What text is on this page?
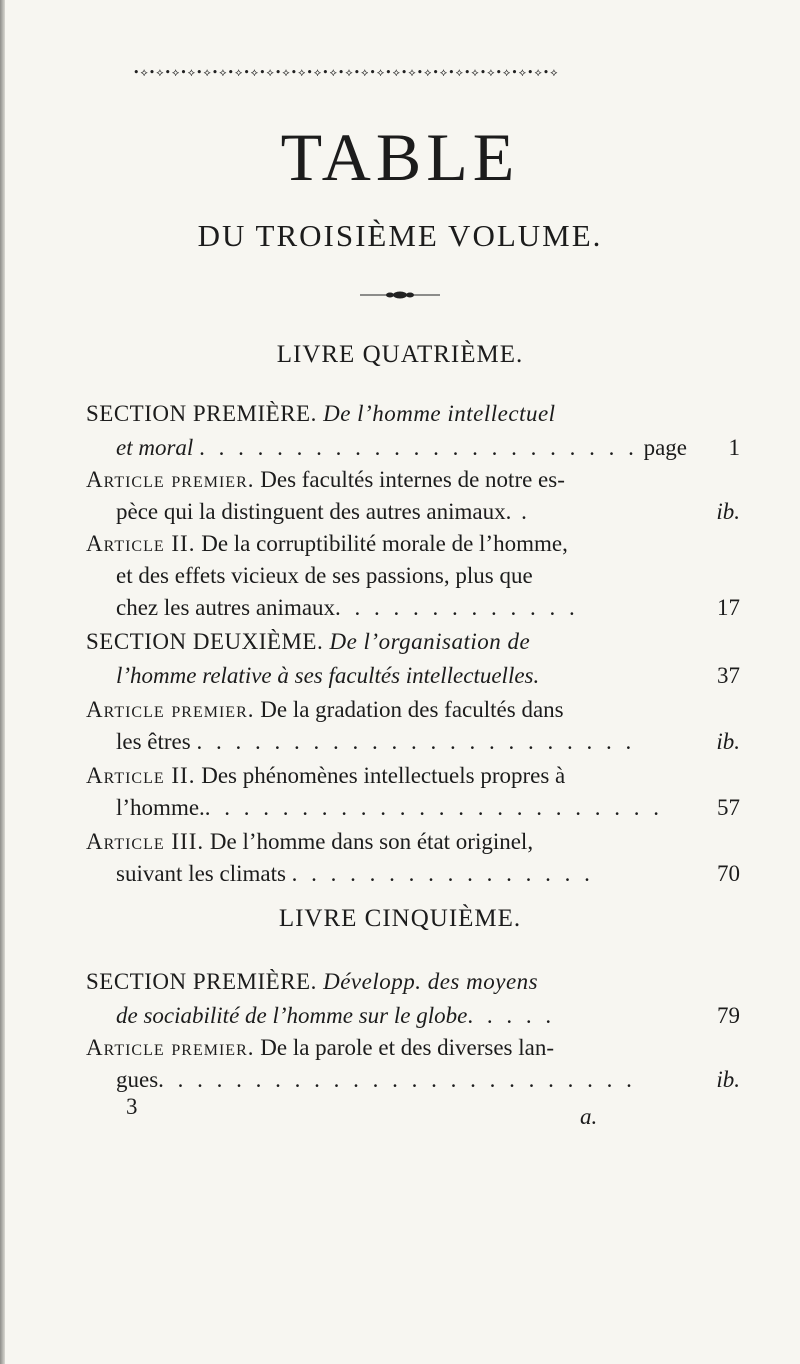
•⟡•⟡•⟡•⟡•⟡•⟡•⟡•⟡•⟡•⟡•⟡•⟡•⟡•⟡•⟡•⟡•⟡•⟡•⟡•⟡•⟡•⟡•⟡•⟡•⟡•⟡•⟡
TABLE
DU TROISIÈME VOLUME.
LIVRE QUATRIÈME.
SECTION PREMIÈRE. De l’homme intellectuel
et moral . . . . . . . . . . . . . . . . . . . . . . . page	1
Article premier. Des facultés internes de notre es-
pèce qui la distinguent des autres animaux. .	ib.
Article II. De la corruptibilité morale de l’homme,
et des effets vicieux de ses passions, plus que
chez les autres animaux. . . . . . . . . . . . .	17
SECTION DEUXIÈME. De l’organisation de
l’homme relative à ses facultés intellectuelles.	37
Article premier. De la gradation des facultés dans
les êtres . . . . . . . . . . . . . . . . . . . . . . .	ib.
Article II. Des phénomènes intellectuels propres à
l’homme.. . . . . . . . . . . . . . . . . . . . . . . .	57
Article III. De l’homme dans son état originel,
suivant les climats . . . . . . . . . . . . . . . .	70
LIVRE CINQUIÈME.
SECTION PREMIÈRE. Développ. des moyens
de sociabilité de l’homme sur le globe. . . . .	79
Article premier. De la parole et des diverses lan-
gues. . . . . . . . . . . . . . . . . . . . . . . . .	ib.
3	a.
